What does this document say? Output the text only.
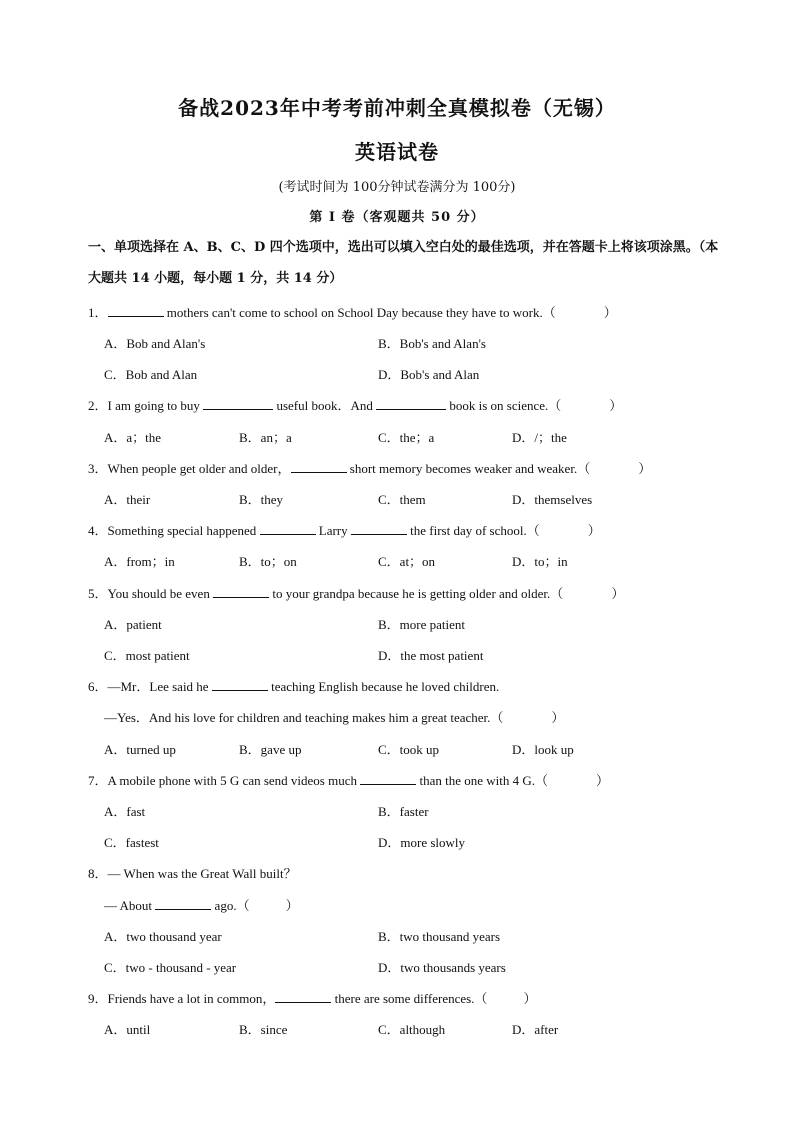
备战2023年中考考前冲刺全真模拟卷（无锡）
英语试卷
(考试时间为 100分钟试卷满分为 100分)
第 I 卷（客观题共 50 分）
一、单项选择在 A、B、C、D 四个选项中，选出可以填入空白处的最佳选项，并在答题卡上将该项涂黑。（本大题共 14 小题，每小题 1 分，共 14 分）
1．	mothers can't come to school on School Day because they have to work.（	）
A．Bob and Alan's	B．Bob's and Alan's
C．Bob and Alan	D．Bob's and Alan
2．I am going to buy	useful book．And	book is on science.（	）
A．a；the	B．an；a	C．the；a	D．/；the
3．When people get older and older，	short memory becomes weaker and weaker.（	）
A．their	B．they	C．them	D．themselves
4．Something special happened	Larry	the first day of school.（	）
A．from；in	B．to；on	C．at；on	D．to；in
5．You should be even	to your grandpa because he is getting older and older.（	）
A．patient	B．more patient
C．most patient	D．the most patient
6．—Mr．Lee said he	teaching English because he loved children.
—Yes．And his love for children and teaching makes him a great teacher.（	）
A．turned up	B．gave up	C．took up	D．look up
7．A mobile phone with 5 G can send videos much	than the one with 4 G.（	）
A．fast	B．faster
C．fastest	D．more slowly
8．— When was the Great Wall built？
— About	ago.（	）
A．two thousand year	B．two thousand years
C．two - thousand - year	D．two thousands years
9．Friends have a lot in common，	there are some differences.（	）
A．until	B．since	C．although	D．after
